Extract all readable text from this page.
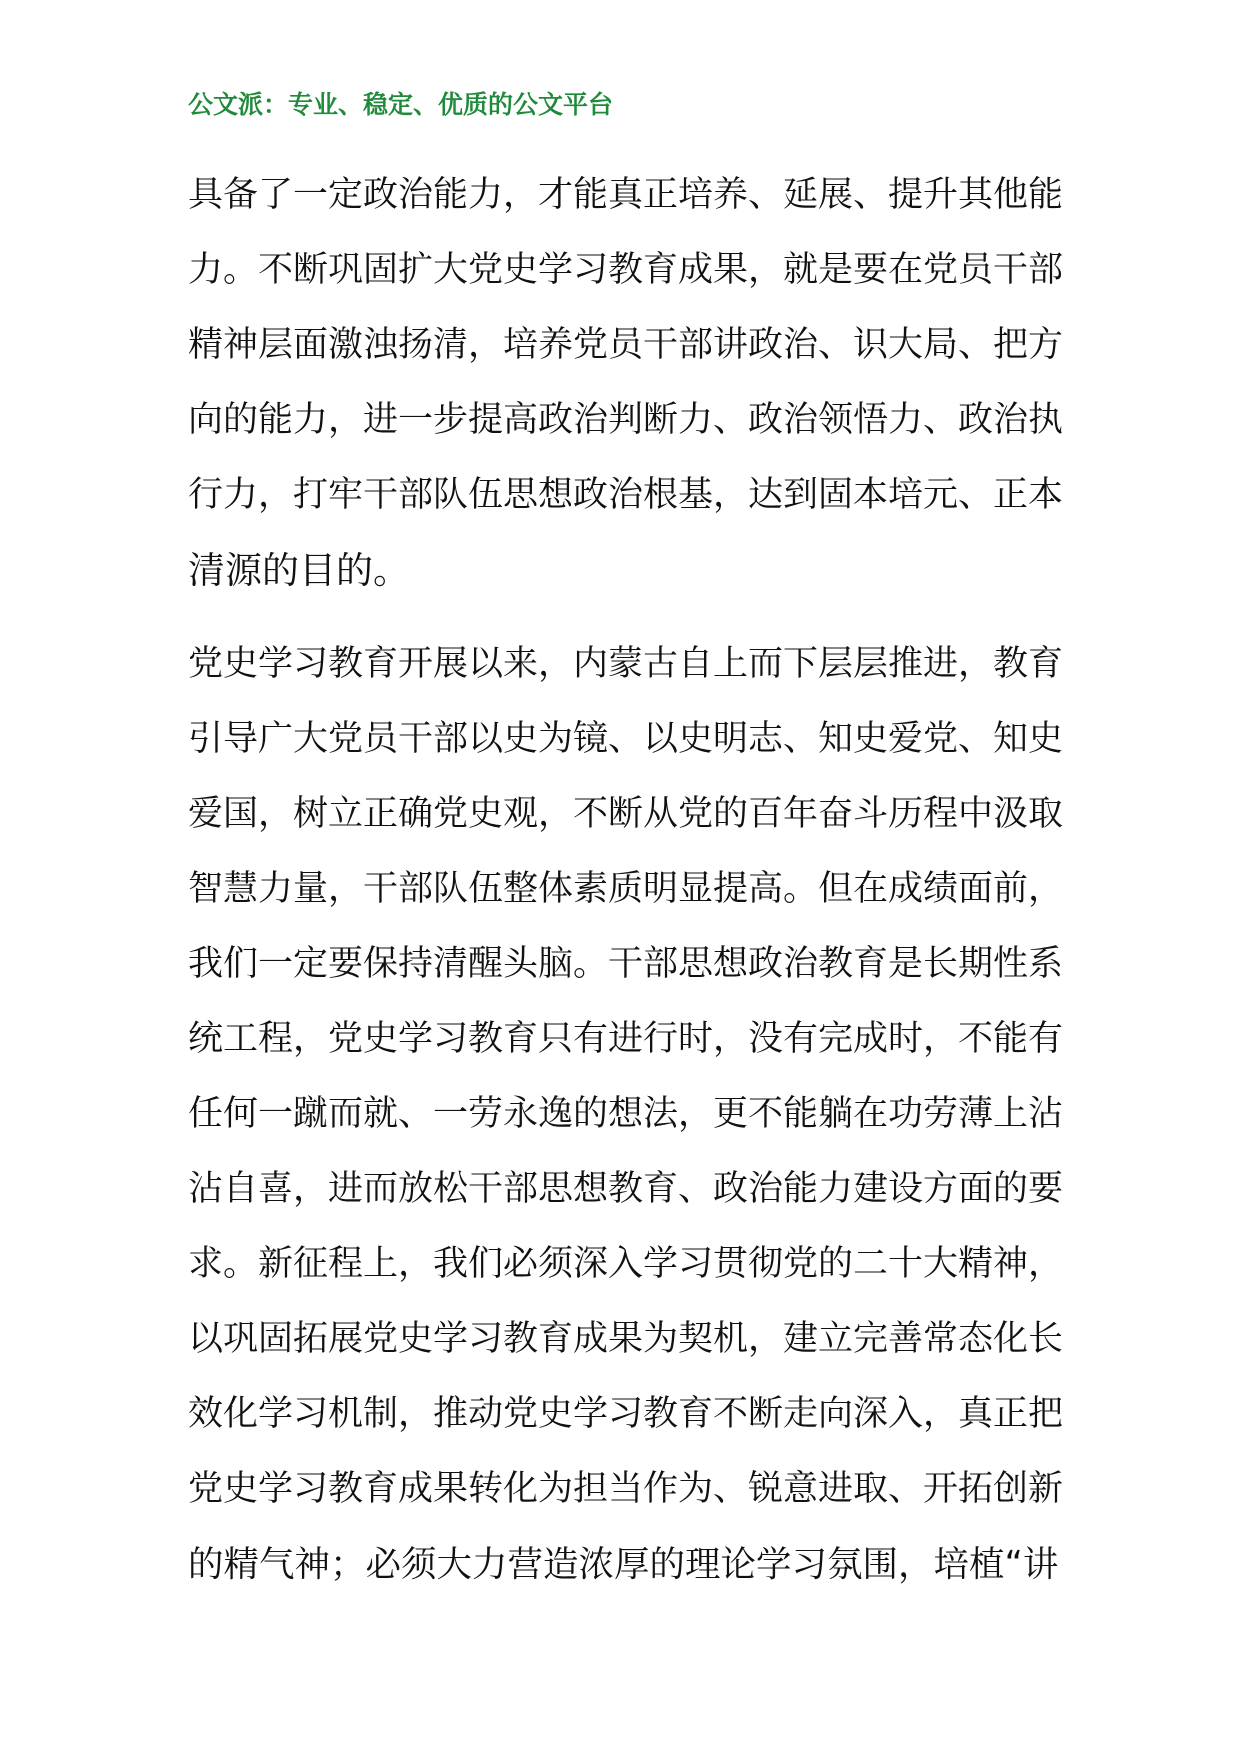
公文派：专业、稳定、优质的公文平台
具备了一定政治能力，才能真正培养、延展、提升其他能
力。不断巩固扩大党史学习教育成果，就是要在党员干部
精神层面激浊扬清，培养党员干部讲政治、识大局、把方
向的能力，进一步提高政治判断力、政治领悟力、政治执
行力，打牢干部队伍思想政治根基，达到固本培元、正本
清源的目的。
党史学习教育开展以来，内蒙古自上而下层层推进，教育
引导广大党员干部以史为镜、以史明志、知史爱党、知史
爱国，树立正确党史观，不断从党的百年奋斗历程中汲取
智慧力量，干部队伍整体素质明显提高。但在成绩面前，
我们一定要保持清醒头脑。干部思想政治教育是长期性系
统工程，党史学习教育只有进行时，没有完成时，不能有
任何一蹴而就、一劳永逸的想法，更不能躺在功劳薄上沾
沾自喜，进而放松干部思想教育、政治能力建设方面的要
求。新征程上，我们必须深入学习贯彻党的二十大精神，
以巩固拓展党史学习教育成果为契机，建立完善常态化长
效化学习机制，推动党史学习教育不断走向深入，真正把
党史学习教育成果转化为担当作为、锐意进取、开拓创新
的精气神；必须大力营造浓厚的理论学习氛围，培植“讲
